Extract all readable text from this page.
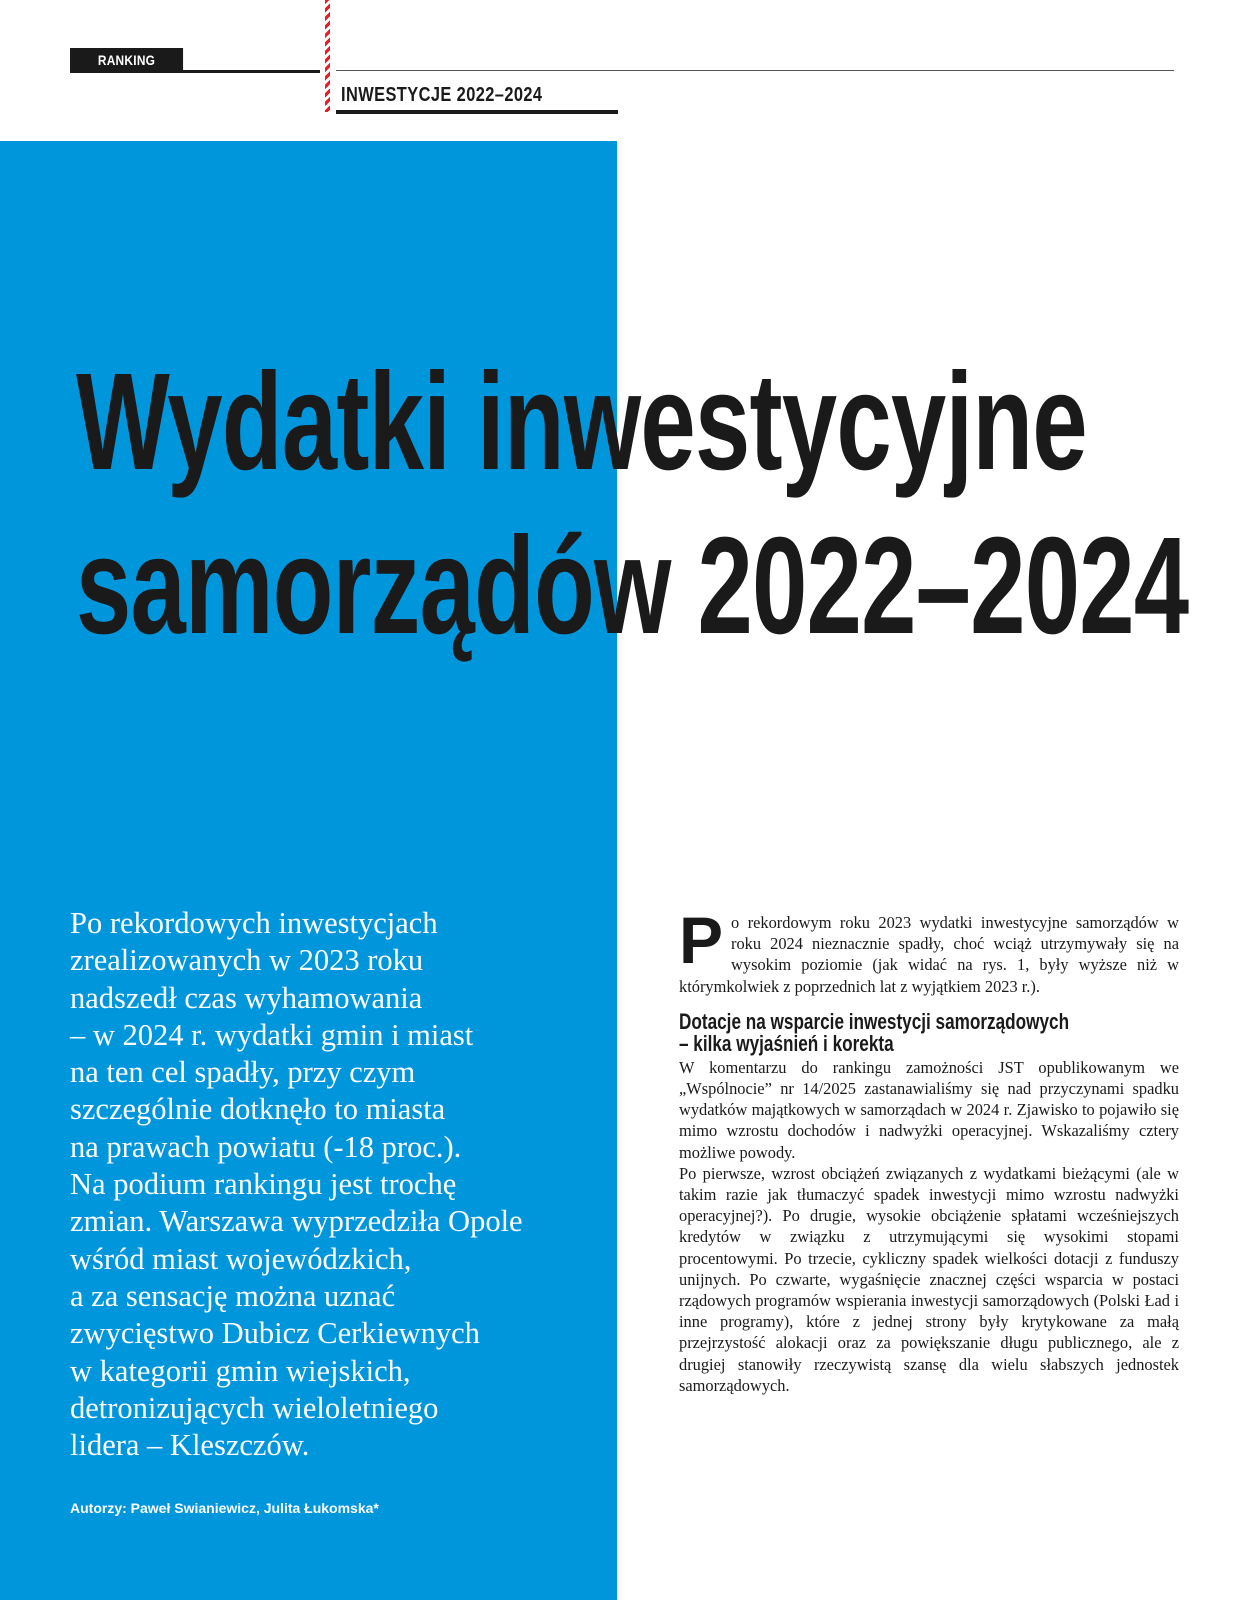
RANKING
INWESTYCJE 2022–2024
Wydatki inwestycyjne
samorządów 2022–2024

Po rekordowych inwestycjach
zrealizowanych w 2023 roku
nadszedł czas wyhamowania
– w 2024 r. wydatki gmin i miast
na ten cel spadły, przy czym
szczególnie dotknęło to miasta
na prawach powiatu (-18 proc.).
Na podium rankingu jest trochę
zmian. Warszawa wyprzedziła Opole
wśród miast wojewódzkich,
a za sensację można uznać
zwycięstwo Dubicz Cerkiewnych
w kategorii gmin wiejskich,
detronizujących wieloletniego
lidera – Kleszczów.

Autorzy: Paweł Swianiewicz, Julita Łukomska*

Po rekordowym roku 2023 wydatki inwestycyjne samorządów w roku 2024 nieznacznie spadły, choć wciąż utrzymywały się na wysokim poziomie (jak widać na rys. 1, były wyższe niż w którymkolwiek z poprzednich lat z wyjątkiem 2023 r.).

Dotacje na wsparcie inwestycji samorządowych
– kilka wyjaśnień i korekta

W komentarzu do rankingu zamożności JST opublikowanym we „Wspólnocie” nr 14/2025 zastanawialiśmy się nad przyczynami spadku wydatków majątkowych w samorządach w 2024 r. Zjawisko to pojawiło się mimo wzrostu dochodów i nadwyżki operacyjnej. Wskazaliśmy cztery możliwe powody.

Po pierwsze, wzrost obciążeń związanych z wydatkami bieżącymi (ale w takim razie jak tłumaczyć spadek inwestycji mimo wzrostu nadwyżki operacyjnej?). Po drugie, wysokie obciążenie spłatami wcześniejszych kredytów w związku z utrzymującymi się wysokimi stopami procentowymi. Po trzecie, cykliczny spadek wielkości dotacji z funduszy unijnych. Po czwarte, wygaśnięcie znacznej części wsparcia w postaci rządowych programów wspierania inwestycji samorządowych (Polski Ład i inne programy), które z jednej strony były krytykowane za małą przejrzystość alokacji oraz za powiększanie długu publicznego, ale z drugiej stanowiły rzeczywistą szansę dla wielu słabszych jednostek samorządowych.
